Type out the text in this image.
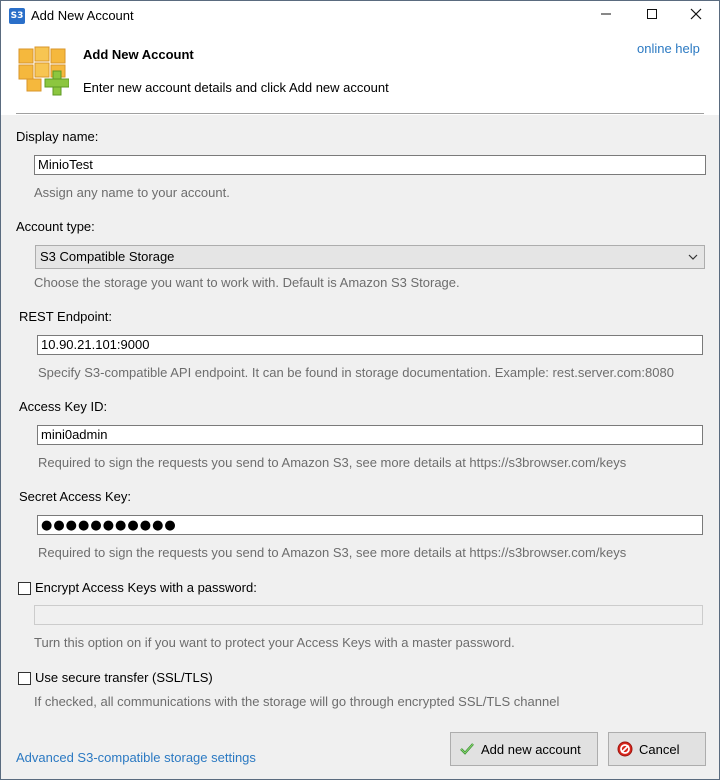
S3 Add New Account
Add New Account
Enter new account details and click Add new account
online help
Display name:
MinioTest
Assign any name to your account.
Account type:
S3 Compatible Storage
Choose the storage you want to work with. Default is Amazon S3 Storage.
REST Endpoint:
10.90.21.101:9000
Specify S3-compatible API endpoint. It can be found in storage documentation. Example: rest.server.com:8080
Access Key ID:
mini0admin
Required to sign the requests you send to Amazon S3, see more details at https://s3browser.com/keys
Secret Access Key:
●●●●●●●●●●●
Required to sign the requests you send to Amazon S3, see more details at https://s3browser.com/keys
Encrypt Access Keys with a password:
Turn this option on if you want to protect your Access Keys with a master password.
Use secure transfer (SSL/TLS)
If checked, all communications with the storage will go through encrypted SSL/TLS channel
Advanced S3-compatible storage settings
Add new account	Cancel
